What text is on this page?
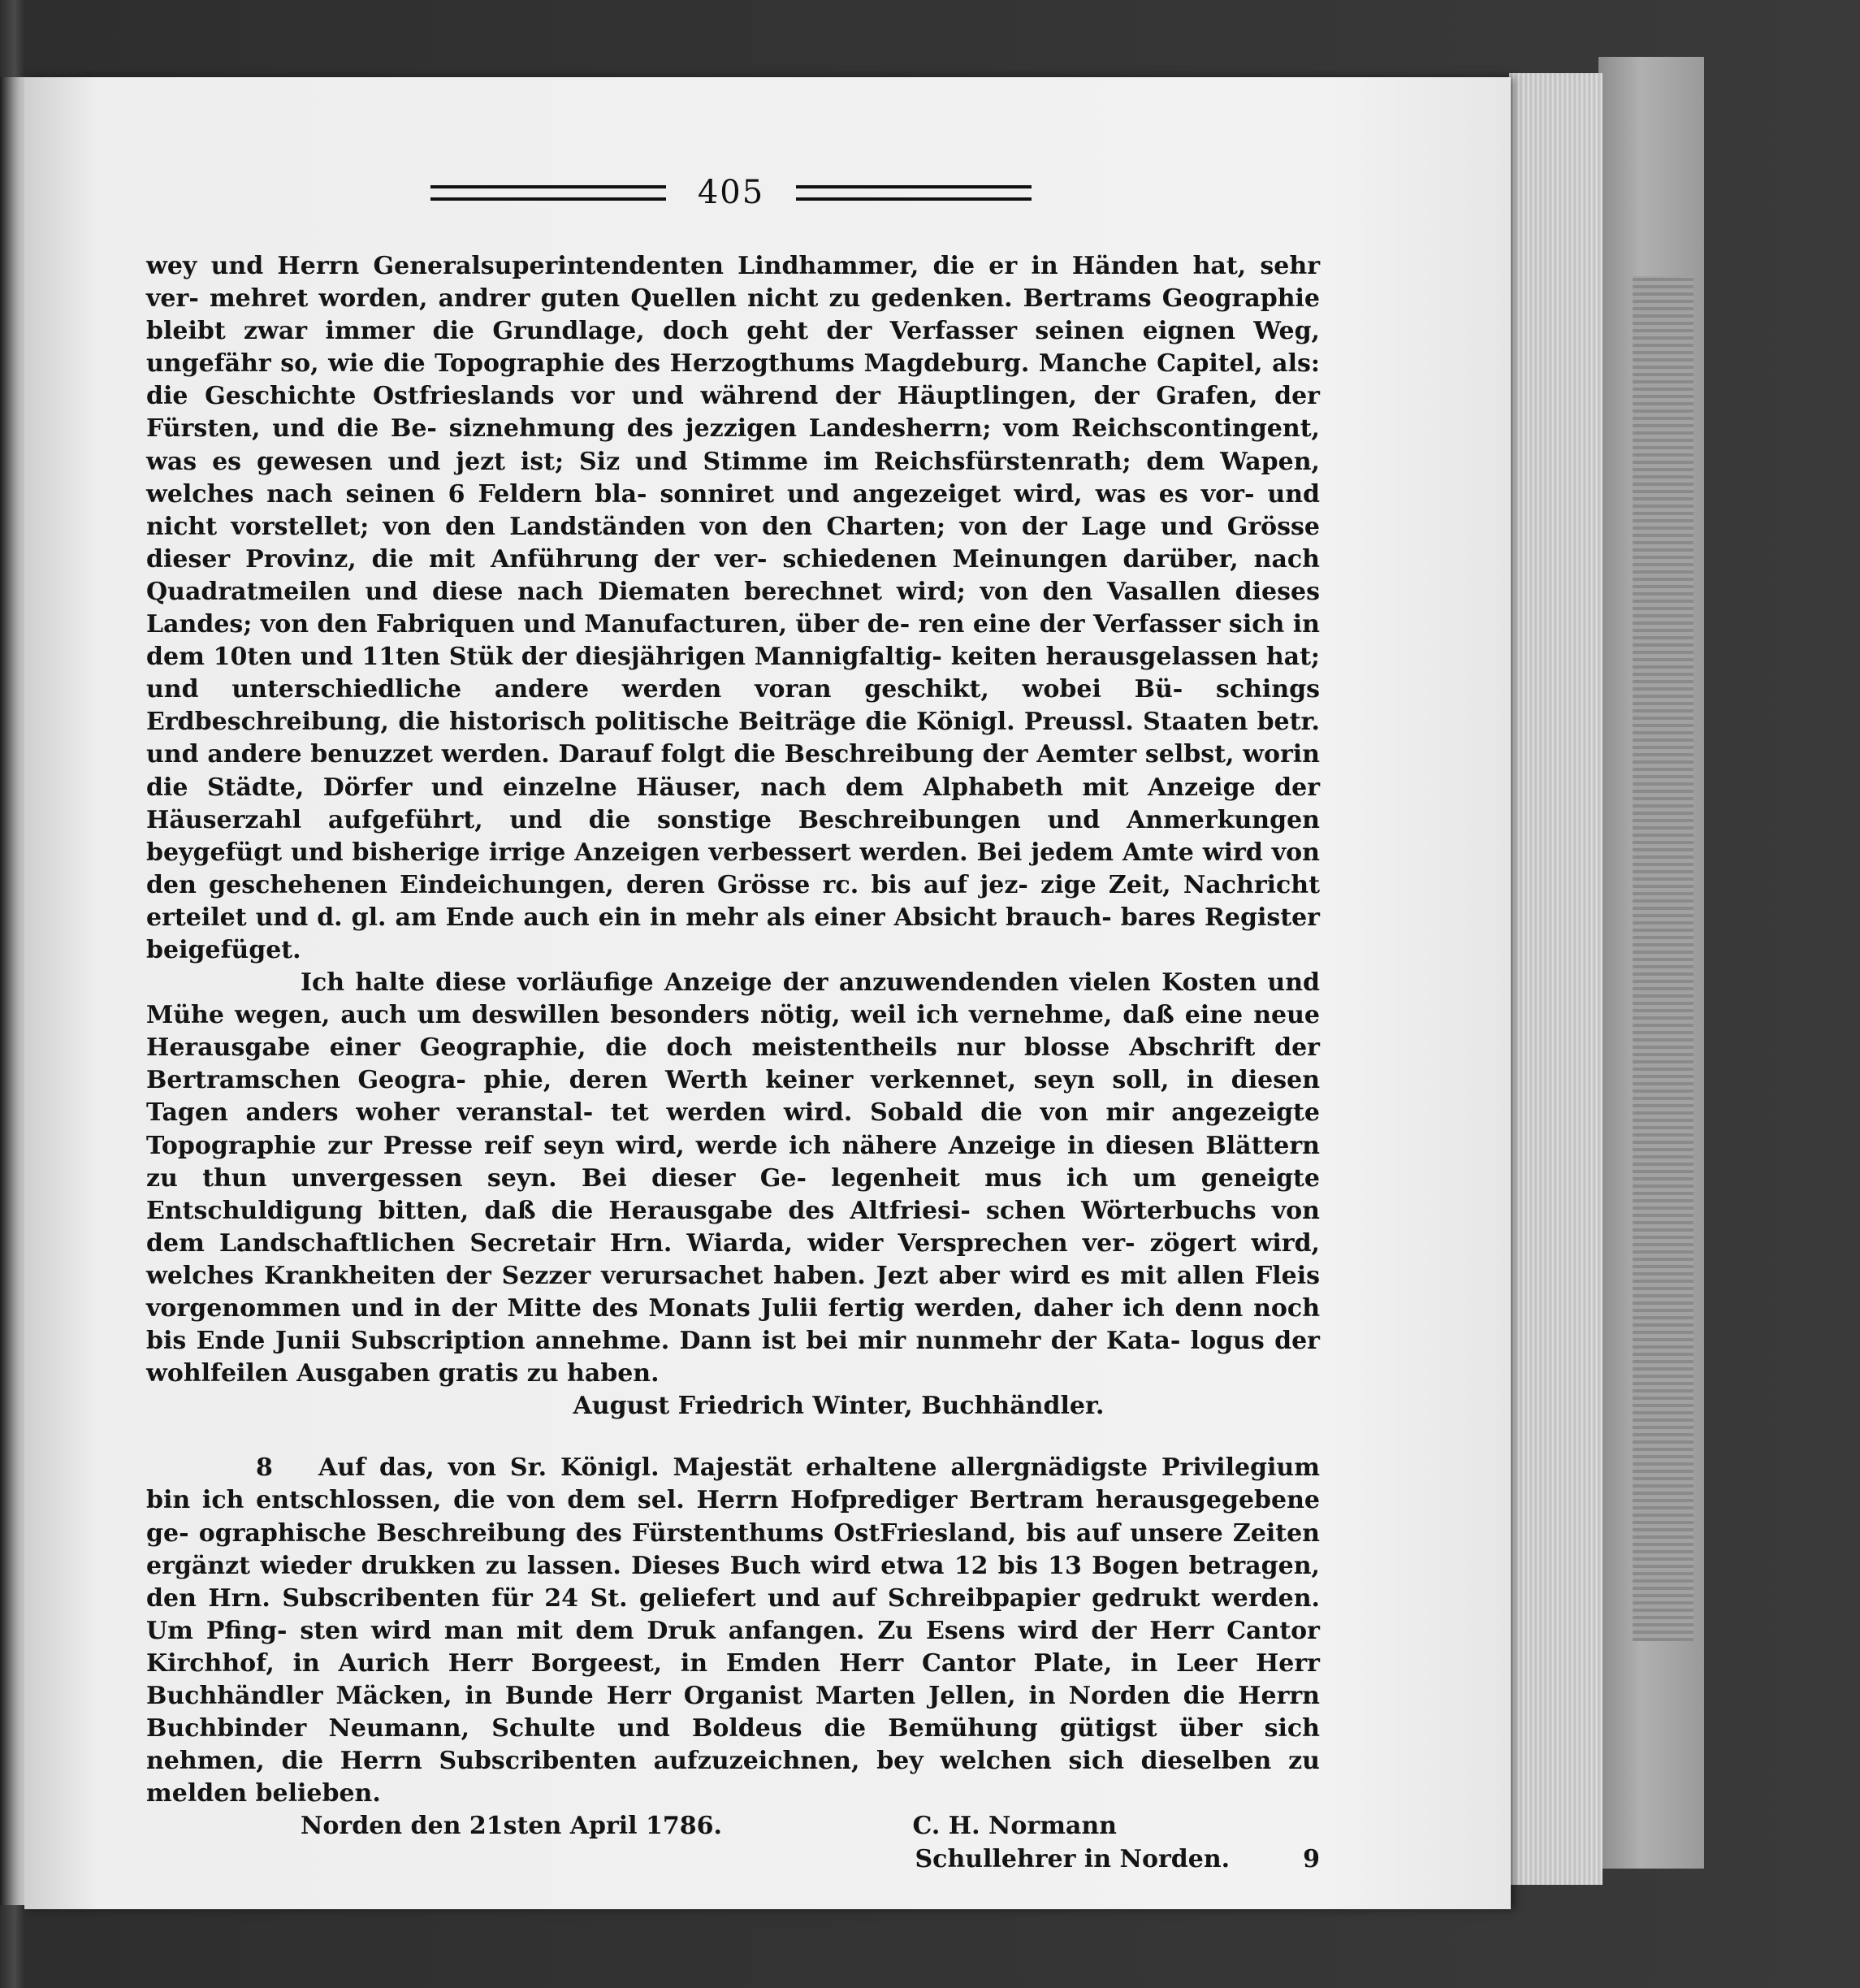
405

wey und Herrn Generalsuperintendenten Lindhammer, die er in Händen hat, sehr ver- mehret worden, andrer guten Quellen nicht zu gedenken. Bertrams Geographie bleibt zwar immer die Grundlage, doch geht der Verfasser seinen eignen Weg, ungefähr so, wie die Topographie des Herzogthums Magdeburg. Manche Capitel, als: die Geschichte Ostfrieslands vor und während der Häuptlingen, der Grafen, der Fürsten, und die Be- siznehmung des jezzigen Landesherrn; vom Reichscontingent, was es gewesen und jezt ist; Siz und Stimme im Reichsfürstenrath; dem Wapen, welches nach seinen 6 Feldern bla- sonniret und angezeiget wird, was es vor- und nicht vorstellet; von den Landständen von den Charten; von der Lage und Grösse dieser Provinz, die mit Anführung der ver- schiedenen Meinungen darüber, nach Quadratmeilen und diese nach Diematen berechnet wird; von den Vasallen dieses Landes; von den Fabriquen und Manufacturen, über de- ren eine der Verfasser sich in dem 10ten und 11ten Stük der diesjährigen Mannigfaltig- keiten herausgelassen hat; und unterschiedliche andere werden voran geschikt, wobei Bü- schings Erdbeschreibung, die historisch politische Beiträge die Königl. Preussl. Staaten betr. und andere benuzzet werden. Darauf folgt die Beschreibung der Aemter selbst, worin die Städte, Dörfer und einzelne Häuser, nach dem Alphabeth mit Anzeige der Häuserzahl aufgeführt, und die sonstige Beschreibungen und Anmerkungen beygefügt und bisherige irrige Anzeigen verbessert werden. Bei jedem Amte wird von den geschehenen Eindeichungen, deren Grösse rc. bis auf jez- zige Zeit, Nachricht erteilet und d. gl. am Ende auch ein in mehr als einer Absicht brauch- bares Register beigefüget.

Ich halte diese vorläufige Anzeige der anzuwendenden vielen Kosten und Mühe wegen, auch um deswillen besonders nötig, weil ich vernehme, daß eine neue Herausgabe einer Geographie, die doch meistentheils nur blosse Abschrift der Bertramschen Geogra- phie, deren Werth keiner verkennet, seyn soll, in diesen Tagen anders woher veranstal- tet werden wird. Sobald die von mir angezeigte Topographie zur Presse reif seyn wird, werde ich nähere Anzeige in diesen Blättern zu thun unvergessen seyn. Bei dieser Ge- legenheit mus ich um geneigte Entschuldigung bitten, daß die Herausgabe des Altfriesi- schen Wörterbuchs von dem Landschaftlichen Secretair Hrn. Wiarda, wider Versprechen ver- zögert wird, welches Krankheiten der Sezzer verursachet haben. Jezt aber wird es mit allen Fleis vorgenommen und in der Mitte des Monats Julii fertig werden, daher ich denn noch bis Ende Junii Subscription annehme. Dann ist bei mir nunmehr der Kata- logus der wohlfeilen Ausgaben gratis zu haben.

August Friedrich Winter, Buchhändler.

8 Auf das, von Sr. Königl. Majestät erhaltene allergnädigste Privilegium bin ich entschlossen, die von dem sel. Herrn Hofprediger Bertram herausgegebene ge- ographische Beschreibung des Fürstenthums OstFriesland, bis auf unsere Zeiten ergänzt wieder drukken zu lassen. Dieses Buch wird etwa 12 bis 13 Bogen betragen, den Hrn. Subscribenten für 24 St. geliefert und auf Schreibpapier gedrukt werden. Um Pfing- sten wird man mit dem Druk anfangen. Zu Esens wird der Herr Cantor Kirchhof, in Aurich Herr Borgeest, in Emden Herr Cantor Plate, in Leer Herr Buchhändler Mäcken, in Bunde Herr Organist Marten Jellen, in Norden die Herrn Buchbinder Neumann, Schulte und Boldeus die Bemühung gütigst über sich nehmen, die Herrn Subscribenten aufzuzeichnen, bey welchen sich dieselben zu melden belieben.

Norden den 21sten April 1786.	C. H. Normann
Schullehrer in Norden.	9
